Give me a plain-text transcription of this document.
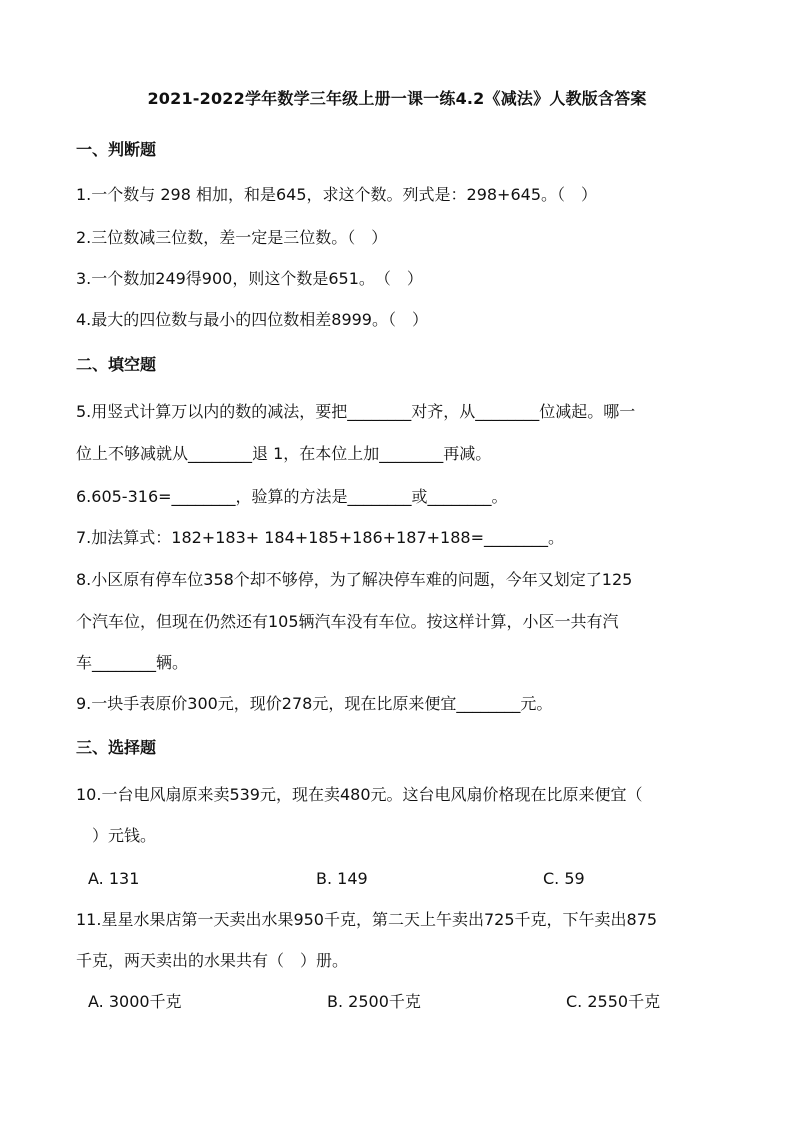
2021-2022学年数学三年级上册一课一练4.2《减法》人教版含答案
一、判断题
1.一个数与 298 相加，和是645，求这个数。列式是：298+645。（　）
2.三位数减三位数，差一定是三位数。（　）
3.一个数加249得900，则这个数是651。　（　）
4.最大的四位数与最小的四位数相差8999。（　）
二、填空题
5.用竖式计算万以内的数的减法，要把________对齐，从________位减起。哪一
位上不够减就从________退 1，在本位上加________再减。
6.605-316=________，验算的方法是________或________。
7.加法算式：182+183+ 184+185+186+187+188=________。
8.小区原有停车位358个却不够停，为了解决停车难的问题，今年又划定了125
个汽车位，但现在仍然还有105辆汽车没有车位。按这样计算，小区一共有汽
车________辆。
9.一块手表原价300元，现价278元，现在比原来便宜________元。
三、选择题
10.一台电风扇原来卖539元，现在卖480元。这台电风扇价格现在比原来便宜（
　）元钱。
A. 131	B. 149	C. 59
11.星星水果店第一天卖出水果950千克，第二天上午卖出725千克，下午卖出875
千克，两天卖出的水果共有（　）册。
A. 3000千克	B. 2500千克	C. 2550千克
